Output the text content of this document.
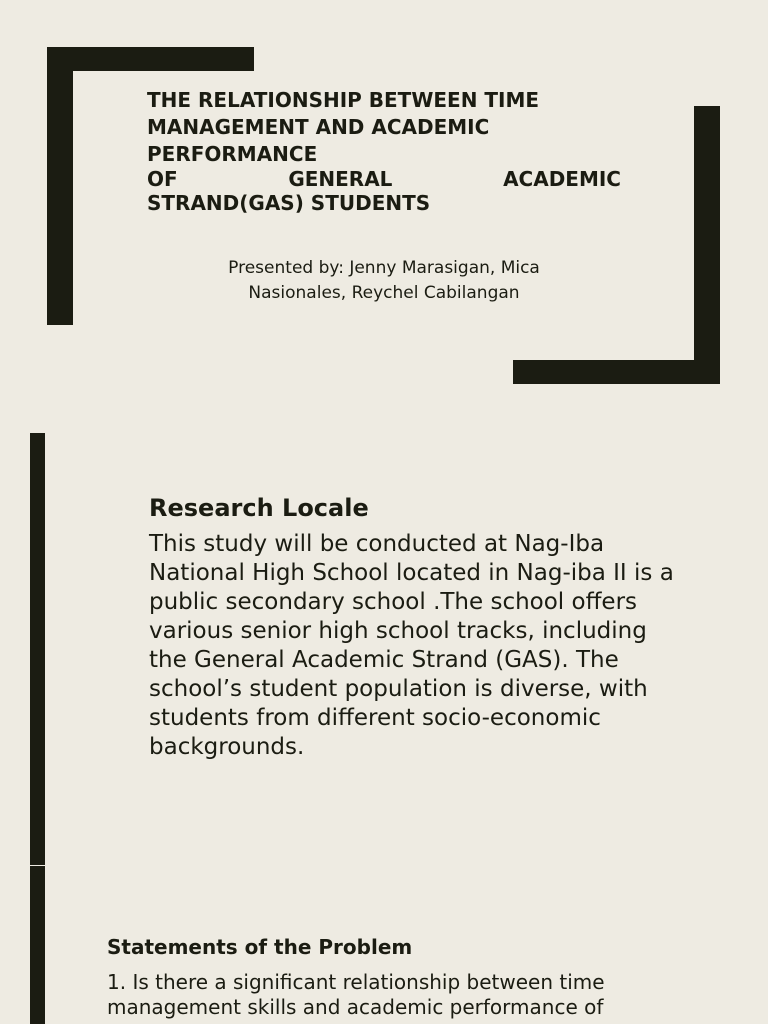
THE RELATIONSHIP BETWEEN TIME
MANAGEMENT AND ACADEMIC
PERFORMANCE
OF	GENERAL	ACADEMIC
STRAND(GAS) STUDENTS

Presented by: Jenny Marasigan, Mica
Nasionales, Reychel Cabilangan

Research Locale

This study will be conducted at Nag-Iba
National High School located in Nag-iba II is a
public secondary school .The school offers
various senior high school tracks, including
the General Academic Strand (GAS). The
school’s student population is diverse, with
students from different socio-economic
backgrounds.

Statements of the Problem

1. Is there a significant relationship between time
management skills and academic performance of
